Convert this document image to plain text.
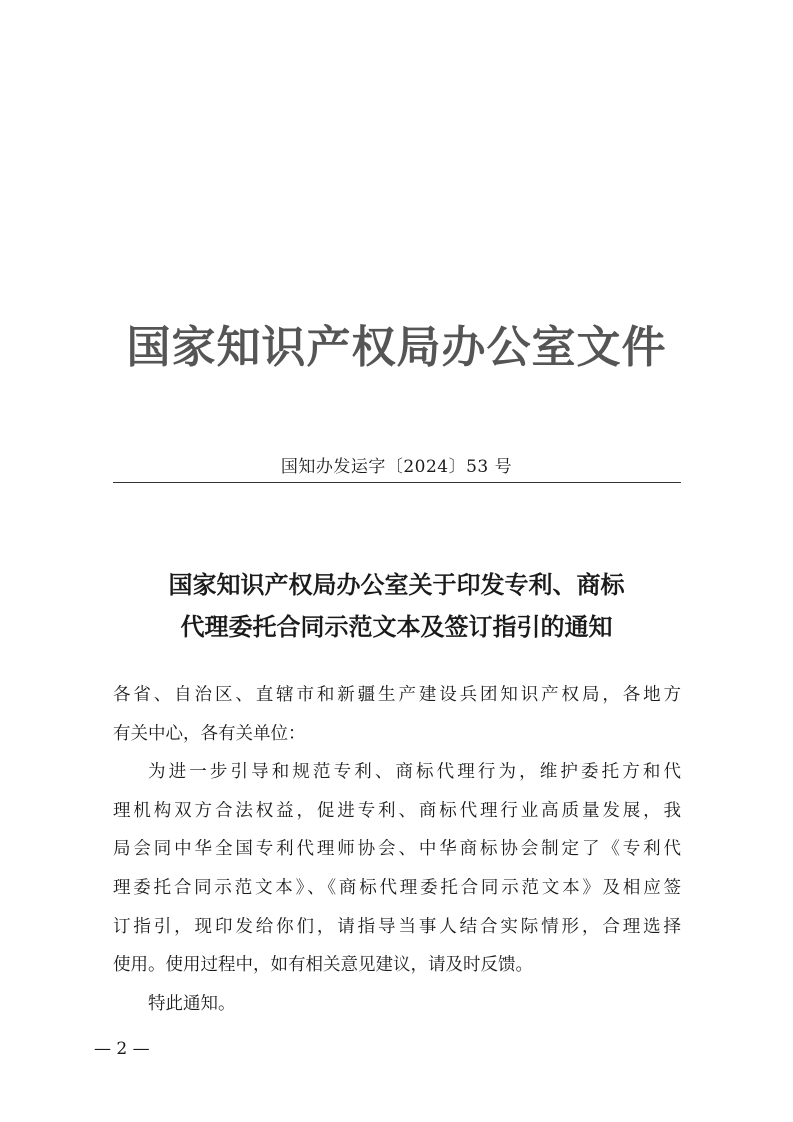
国家知识产权局办公室文件
国知办发运字〔2024〕53 号
国家知识产权局办公室关于印发专利、商标
代理委托合同示范文本及签订指引的通知
各省、自治区、直辖市和新疆生产建设兵团知识产权局，各地方
有关中心，各有关单位：
为进一步引导和规范专利、商标代理行为，维护委托方和代
理机构双方合法权益，促进专利、商标代理行业高质量发展，我
局会同中华全国专利代理师协会、中华商标协会制定了《专利代
理委托合同示范文本》、《商标代理委托合同示范文本》及相应签
订指引，现印发给你们，请指导当事人结合实际情形，合理选择
使用。使用过程中，如有相关意见建议，请及时反馈。
特此通知。
— 2 —
